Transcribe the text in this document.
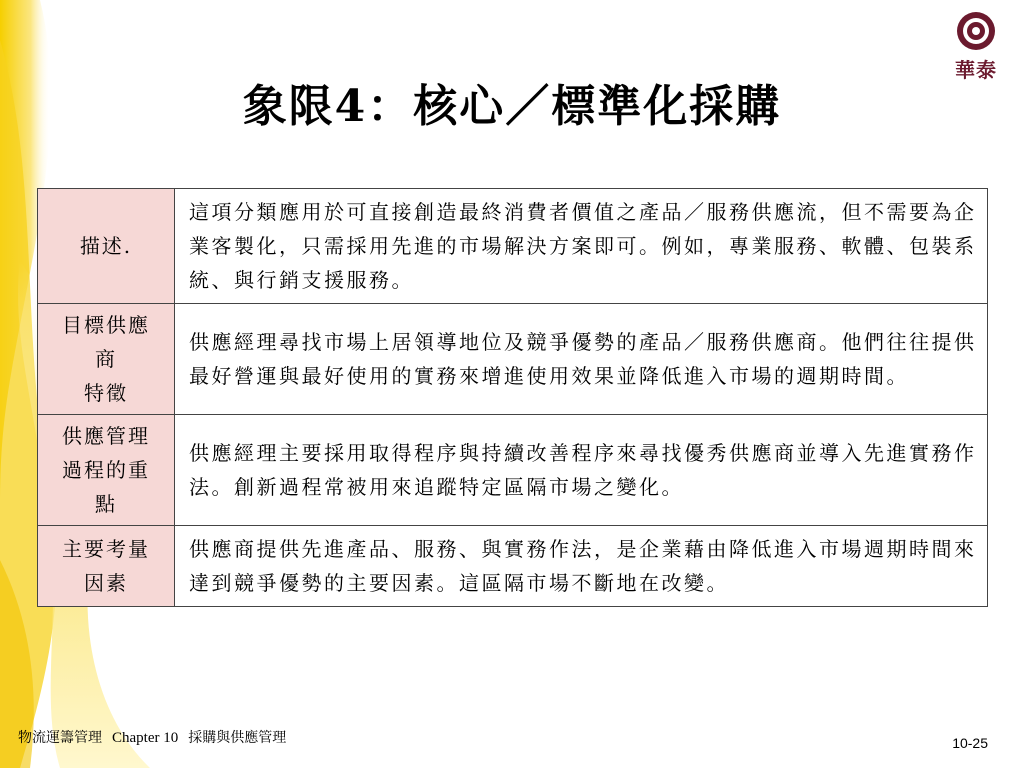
華泰
象限4：核心／標準化採購
描述.	這項分類應用於可直接創造最終消費者價值之產品／服務供應流，但不需要為企業客製化，只需採用先進的市場解決方案即可。例如，專業服務、軟體、包裝系統、與行銷支援服務。

目標供應
商
特徵	供應經理尋找市場上居領導地位及競爭優勢的產品／服務供應商。他們往往提供最好營運與最好使用的實務來增進使用效果並降低進入市場的週期時間。

供應管理
過程的重
點	供應經理主要採用取得程序與持續改善程序來尋找優秀供應商並導入先進實務作法。創新過程常被用來追蹤特定區隔市場之變化。

主要考量
因素	供應商提供先進產品、服務、與實務作法，是企業藉由降低進入市場週期時間來達到競爭優勢的主要因素。這區隔市場不斷地在改變。
物流運籌管理 Chapter 10 採購與供應管理	10-25
